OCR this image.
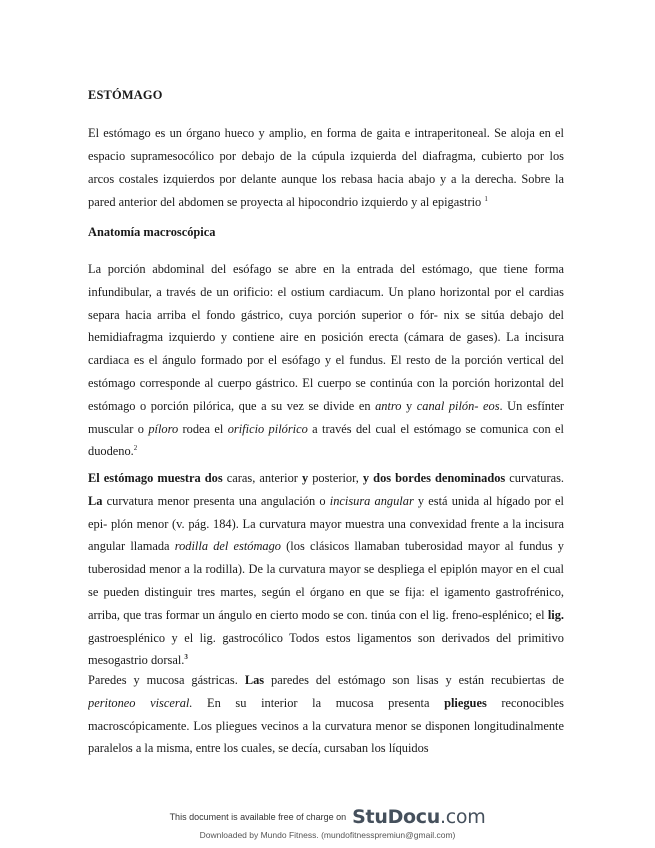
ESTÓMAGO
El estómago es un órgano hueco y amplio, en forma de gaita e intraperitoneal. Se aloja en el espacio supramesocólico por debajo de la cúpula izquierda del diafragma, cubierto por los arcos costales izquierdos por delante aunque los rebasa hacia abajo y a la derecha. Sobre la pared anterior del abdomen se proyecta al hipocondrio izquierdo y al epigastrio $^1$
Anatomía macroscópica
La porción abdominal del esófago se abre en la entrada del estómago, que tiene forma infundibular, a través de un orificio: el ostium cardiacum. Un plano horizontal por el cardias separa hacia arriba el fondo gástrico, cuya porción superior o fór- nix se sitúa debajo del hemidiafragma izquierdo y contiene aire en posición erecta (cámara de gases). La incisura cardiaca es el ángulo formado por el esófago y el fundus. El resto de la porción vertical del estómago corresponde al cuerpo gástrico. El cuerpo se continúa con la porción horizontal del estómago o porción pilórica, que a su vez se divide en antro y canal pilón- eos. Un esfínter muscular o píloro rodea el orificio pilórico a través del cual el estómago se comunica con el duodeno.$^2$
El estómago muestra dos caras, anterior y posterior, y dos bordes denominados curvaturas. La curvatura menor presenta una angulación o incisura angular y está unida al hígado por el epi- plón menor (v. pág. 184). La curvatura mayor muestra una convexidad frente a la incisura angular llamada rodilla del estómago (los clásicos llamaban tuberosidad mayor al fundus y tuberosidad menor a la rodilla). De la curvatura mayor se despliega el epiplón mayor en el cual se pueden distinguir tres martes, según el órgano en que se fija: el igamento gastrofrénico, arriba, que tras formar un ángulo en cierto modo se con. tinúa con el lig. freno-esplénico; el lig. gastroesplénico y el lig. gastrocólico Todos estos ligamentos son derivados del primitivo mesogastrio dorsal.$^3$
Paredes y mucosa gástricas. Las paredes del estómago son lisas y están recubiertas de peritoneo visceral. En su interior la mucosa presenta pliegues reconocibles macroscópicamente. Los pliegues vecinos a la curvatura menor se disponen longitudinalmente paralelos a la misma, entre los cuales, se decía, cursaban los líquidos
This document is available free of charge on StuDocu.com
Downloaded by Mundo Fitness. (mundofitnesspremiun@gmail.com)
